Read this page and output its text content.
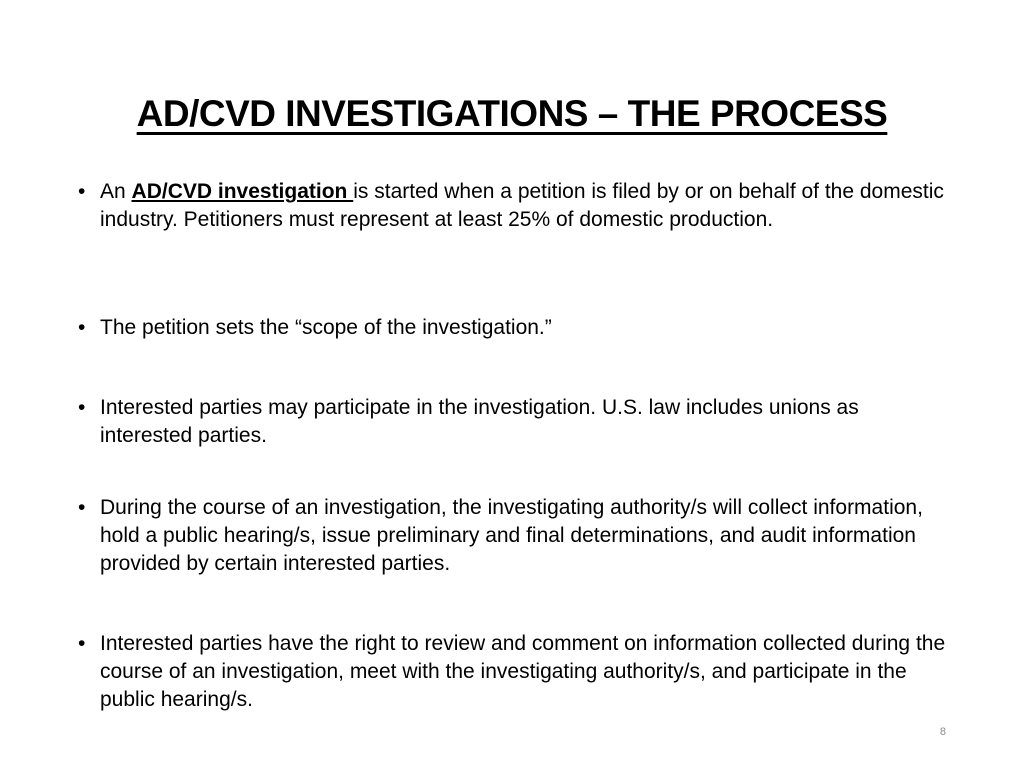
AD/CVD INVESTIGATIONS – THE PROCESS
• An AD/CVD investigation is started when a petition is filed by or on behalf of the domestic industry. Petitioners must represent at least 25% of domestic production.
• The petition sets the “scope of the investigation.”
• Interested parties may participate in the investigation. U.S. law includes unions as interested parties.
• During the course of an investigation, the investigating authority/s will collect information, hold a public hearing/s, issue preliminary and final determinations, and audit information provided by certain interested parties.
• Interested parties have the right to review and comment on information collected during the course of an investigation, meet with the investigating authority/s, and participate in the public hearing/s.
8
